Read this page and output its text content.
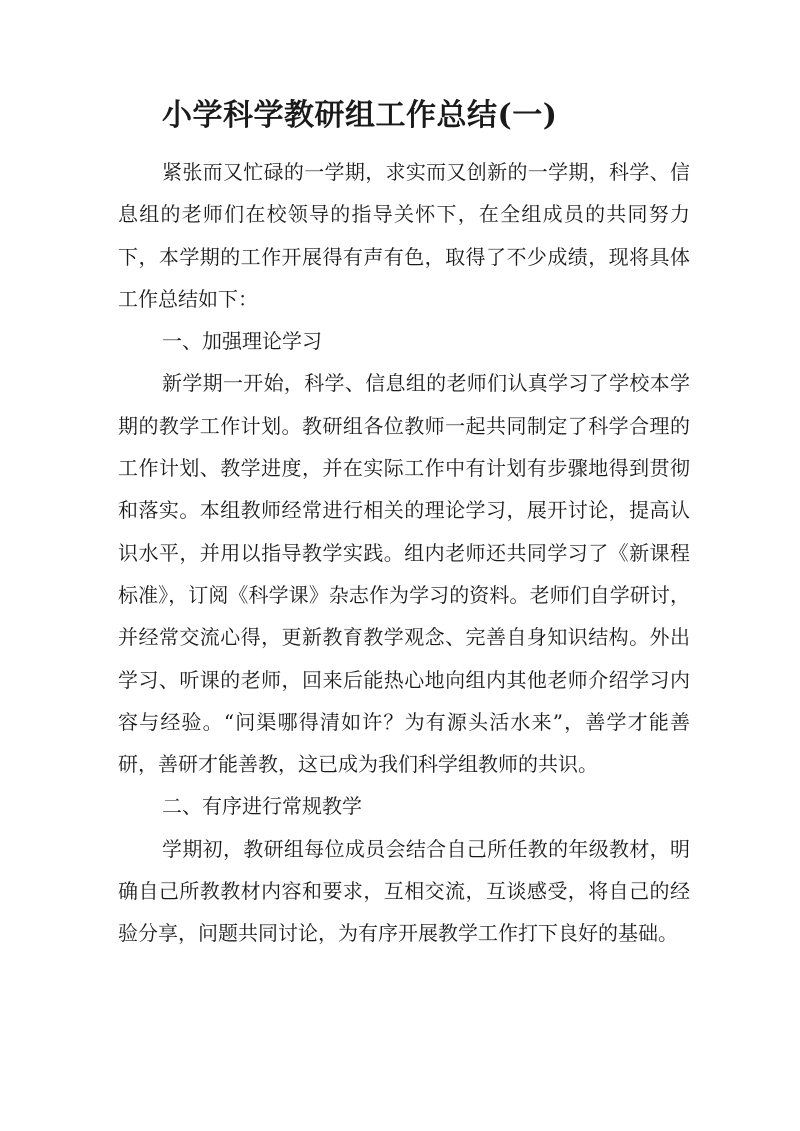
小学科学教研组工作总结(一)

紧张而又忙碌的一学期，求实而又创新的一学期，科学、信息组的老师们在校领导的指导关怀下，在全组成员的共同努力下，本学期的工作开展得有声有色，取得了不少成绩，现将具体工作总结如下：

一、加强理论学习

新学期一开始，科学、信息组的老师们认真学习了学校本学期的教学工作计划。教研组各位教师一起共同制定了科学合理的工作计划、教学进度，并在实际工作中有计划有步骤地得到贯彻和落实。本组教师经常进行相关的理论学习，展开讨论，提高认识水平，并用以指导教学实践。组内老师还共同学习了《新课程标准》，订阅《科学课》杂志作为学习的资料。老师们自学研讨，并经常交流心得，更新教育教学观念、完善自身知识结构。外出学习、听课的老师，回来后能热心地向组内其他老师介绍学习内容与经验。“问渠哪得清如许？为有源头活水来”，善学才能善研，善研才能善教，这已成为我们科学组教师的共识。

二、有序进行常规教学

学期初，教研组每位成员会结合自己所任教的年级教材，明确自己所教教材内容和要求，互相交流，互谈感受，将自己的经验分享，问题共同讨论，为有序开展教学工作打下良好的基础。
